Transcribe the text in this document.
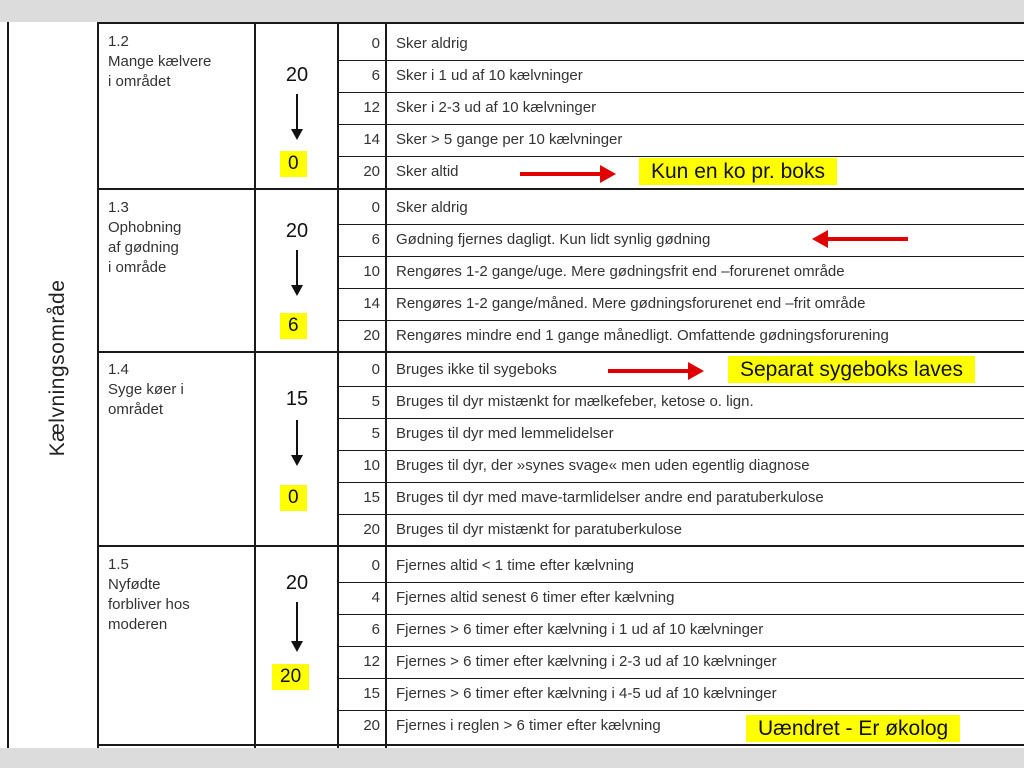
Kælvningsområde
1.2
Mange kælvere
i området	20
0
0 Sker aldrig
6 Sker i 1 ud af 10 kælvninger
12 Sker i 2-3 ud af 10 kælvninger
14 Sker > 5 gange per 10 kælvninger
20 Sker altid	Kun en ko pr. boks
1.3
Ophobning
af gødning
i område
20
6
0 Sker aldrig
6 Gødning fjernes dagligt. Kun lidt synlig gødning
10 Rengøres 1-2 gange/uge. Mere gødningsfrit end –forurenet område
14 Rengøres 1-2 gange/måned. Mere gødningsforurenet end –frit område
20 Rengøres mindre end 1 gange månedligt. Omfattende gødningsforurening
1.4
Syge køer i
området	15
0
0 Bruges ikke til sygeboks
5 Bruges til dyr mistænkt for mælkefeber, ketose o. lign.
5 Bruges til dyr med lemmelidelser
10 Bruges til dyr, der »synes svage« men uden egentlig diagnose
15 Bruges til dyr med mave-tarmlidelser andre end paratuberkulose
20 Bruges til dyr mistænkt for paratuberkulose
Separat sygeboks laves
1.5
Nyfødte
forbliver hos
moderen
20
20
0 Fjernes altid < 1 time efter kælvning
4 Fjernes altid senest 6 timer efter kælvning
6 Fjernes > 6 timer efter kælvning i 1 ud af 10 kælvninger
12 Fjernes > 6 timer efter kælvning i 2-3 ud af 10 kælvninger
15 Fjernes > 6 timer efter kælvning i 4-5 ud af 10 kælvninger
20 Fjernes i reglen > 6 timer efter kælvning	Uændret - Er økolog
